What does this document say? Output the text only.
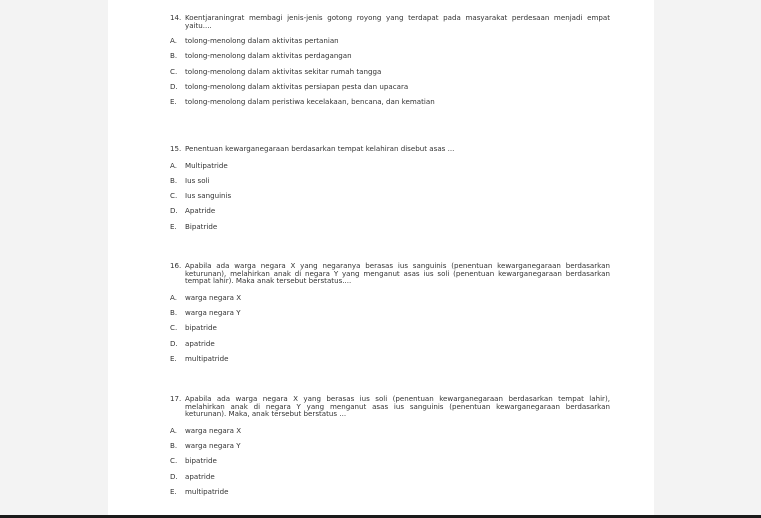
14. Koentjaraningrat membagi jenis-jenis gotong royong yang terdapat pada masyarakat perdesaan menjadi empat yaitu....
A.	tolong-menolong dalam aktivitas pertanian
B.	tolong-menolong dalam aktivitas perdagangan
C.	tolong-menolong dalam aktivitas sekitar rumah tangga
D.	tolong-menolong dalam aktivitas persiapan pesta dan upacara
E.	tolong-menolong dalam peristiwa kecelakaan, bencana, dan kematian
15. Penentuan kewarganegaraan berdasarkan tempat kelahiran disebut asas ...
A.	Multipatride
B.	Ius soli
C.	Ius sanguinis
D.	Apatride
E.	Bipatride
16. Apabila ada warga negara X yang negaranya berasas ius sanguinis (penentuan kewarganegaraan berdasarkan keturunan), melahirkan anak di negara Y yang menganut asas ius soli (penentuan kewarganegaraan berdasarkan tempat lahir). Maka anak tersebut berstatus....
A.	warga negara X
B.	warga negara Y
C.	bipatride
D.	apatride
E.	multipatride
17. Apabila ada warga negara X yang berasas ius soli (penentuan kewarganegaraan berdasarkan tempat lahir), melahirkan anak di negara Y yang menganut asas ius sanguinis (penentuan kewarganegaraan berdasarkan keturunan). Maka, anak tersebut berstatus ...
A.	warga negara X
B.	warga negara Y
C.	bipatride
D.	apatride
E.	multipatride
